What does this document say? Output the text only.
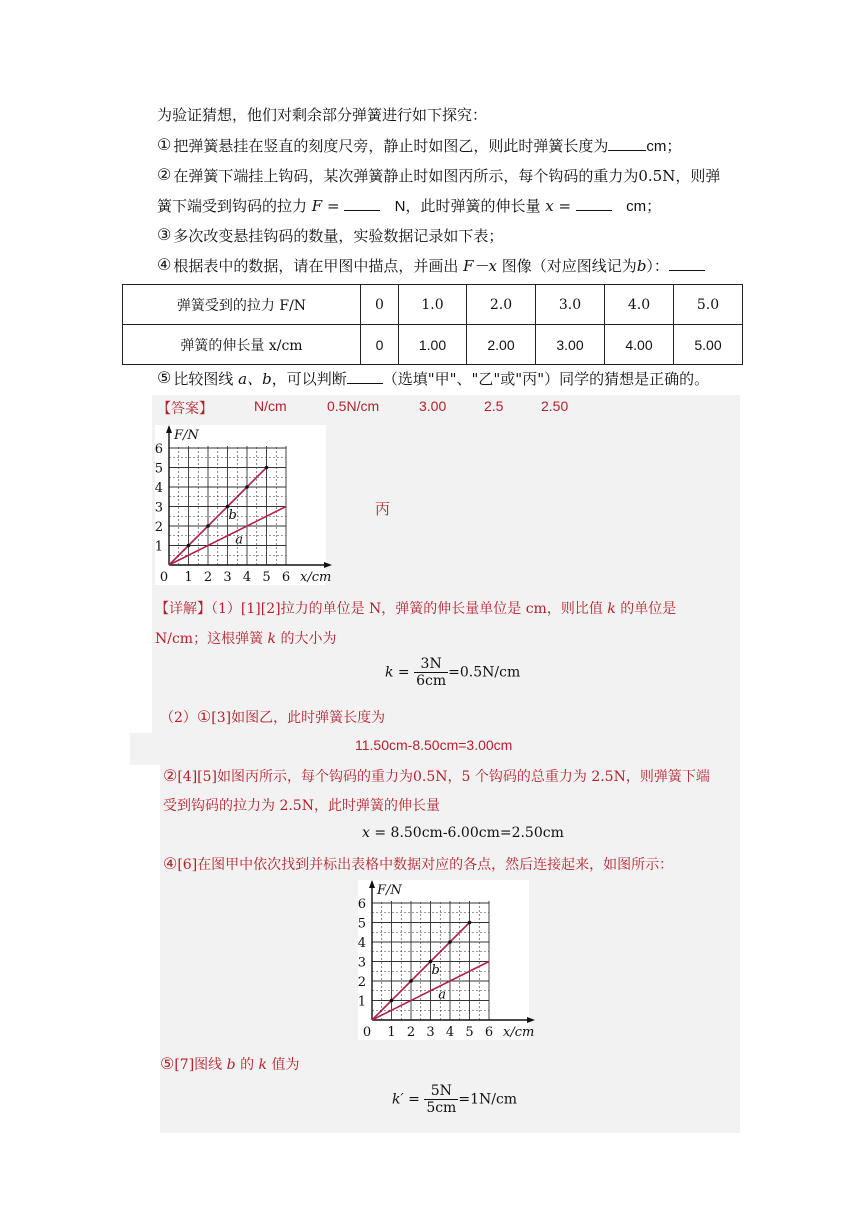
为验证猜想，他们对剩余部分弹簧进行如下探究：
① 把弹簧悬挂在竖直的刻度尺旁，静止时如图乙，则此时弹簧长度为	cm；
② 在弹簧下端挂上钩码，某次弹簧静止时如图丙所示，每个钩码的重力为0.5N，则弹
簧下端受到钩码的拉力 F =	N，此时弹簧的伸长量 x =	cm；
③ 多次改变悬挂钩码的数量，实验数据记录如下表；
④ 根据表中的数据，请在甲图中描点，并画出 F－x 图像（对应图线记为b）：
弹簧受到的拉力 F/N	0	1.0	2.0	3.0	4.0	5.0
弹簧的伸长量 x/cm	0	1.00	2.00	3.00	4.00	5.00
⑤ 比较图线 a、b，可以判断 （选填"甲"、"乙"或"丙"）同学的猜想是正确的。
【答案】	N/cm	0.5N/cm	3.00	2.5	2.50
0 1 2 3 4 5 6
1
2
3
4
5
6
x/cm
F/N
b
a
丙
【详解】（1）[1][2]拉力的单位是 N，弹簧的伸长量单位是 cm，则比值 k 的单位是
N/cm；这根弹簧 k 的大小为
$k = \frac{3N}{6cm} =0.5N/cm$
（2）①[3]如图乙，此时弹簧长度为
11.50cm-8.50cm=3.00cm
②[4][5]如图丙所示，每个钩码的重力为0.5N，5 个钩码的总重力为 2.5N，则弹簧下端
受到钩码的拉力为 2.5N，此时弹簧的伸长量
x = 8.50cm-6.00cm=2.50cm
④[6]在图甲中依次找到并标出表格中数据对应的各点，然后连接起来，如图所示：
0 1 2 3 4 5 6
1
2
3
4
5
6
x/cm
F/N
b
a
⑤[7]图线 b 的 k 值为
$k' = \frac{5N}{5cm} =1N/cm$
